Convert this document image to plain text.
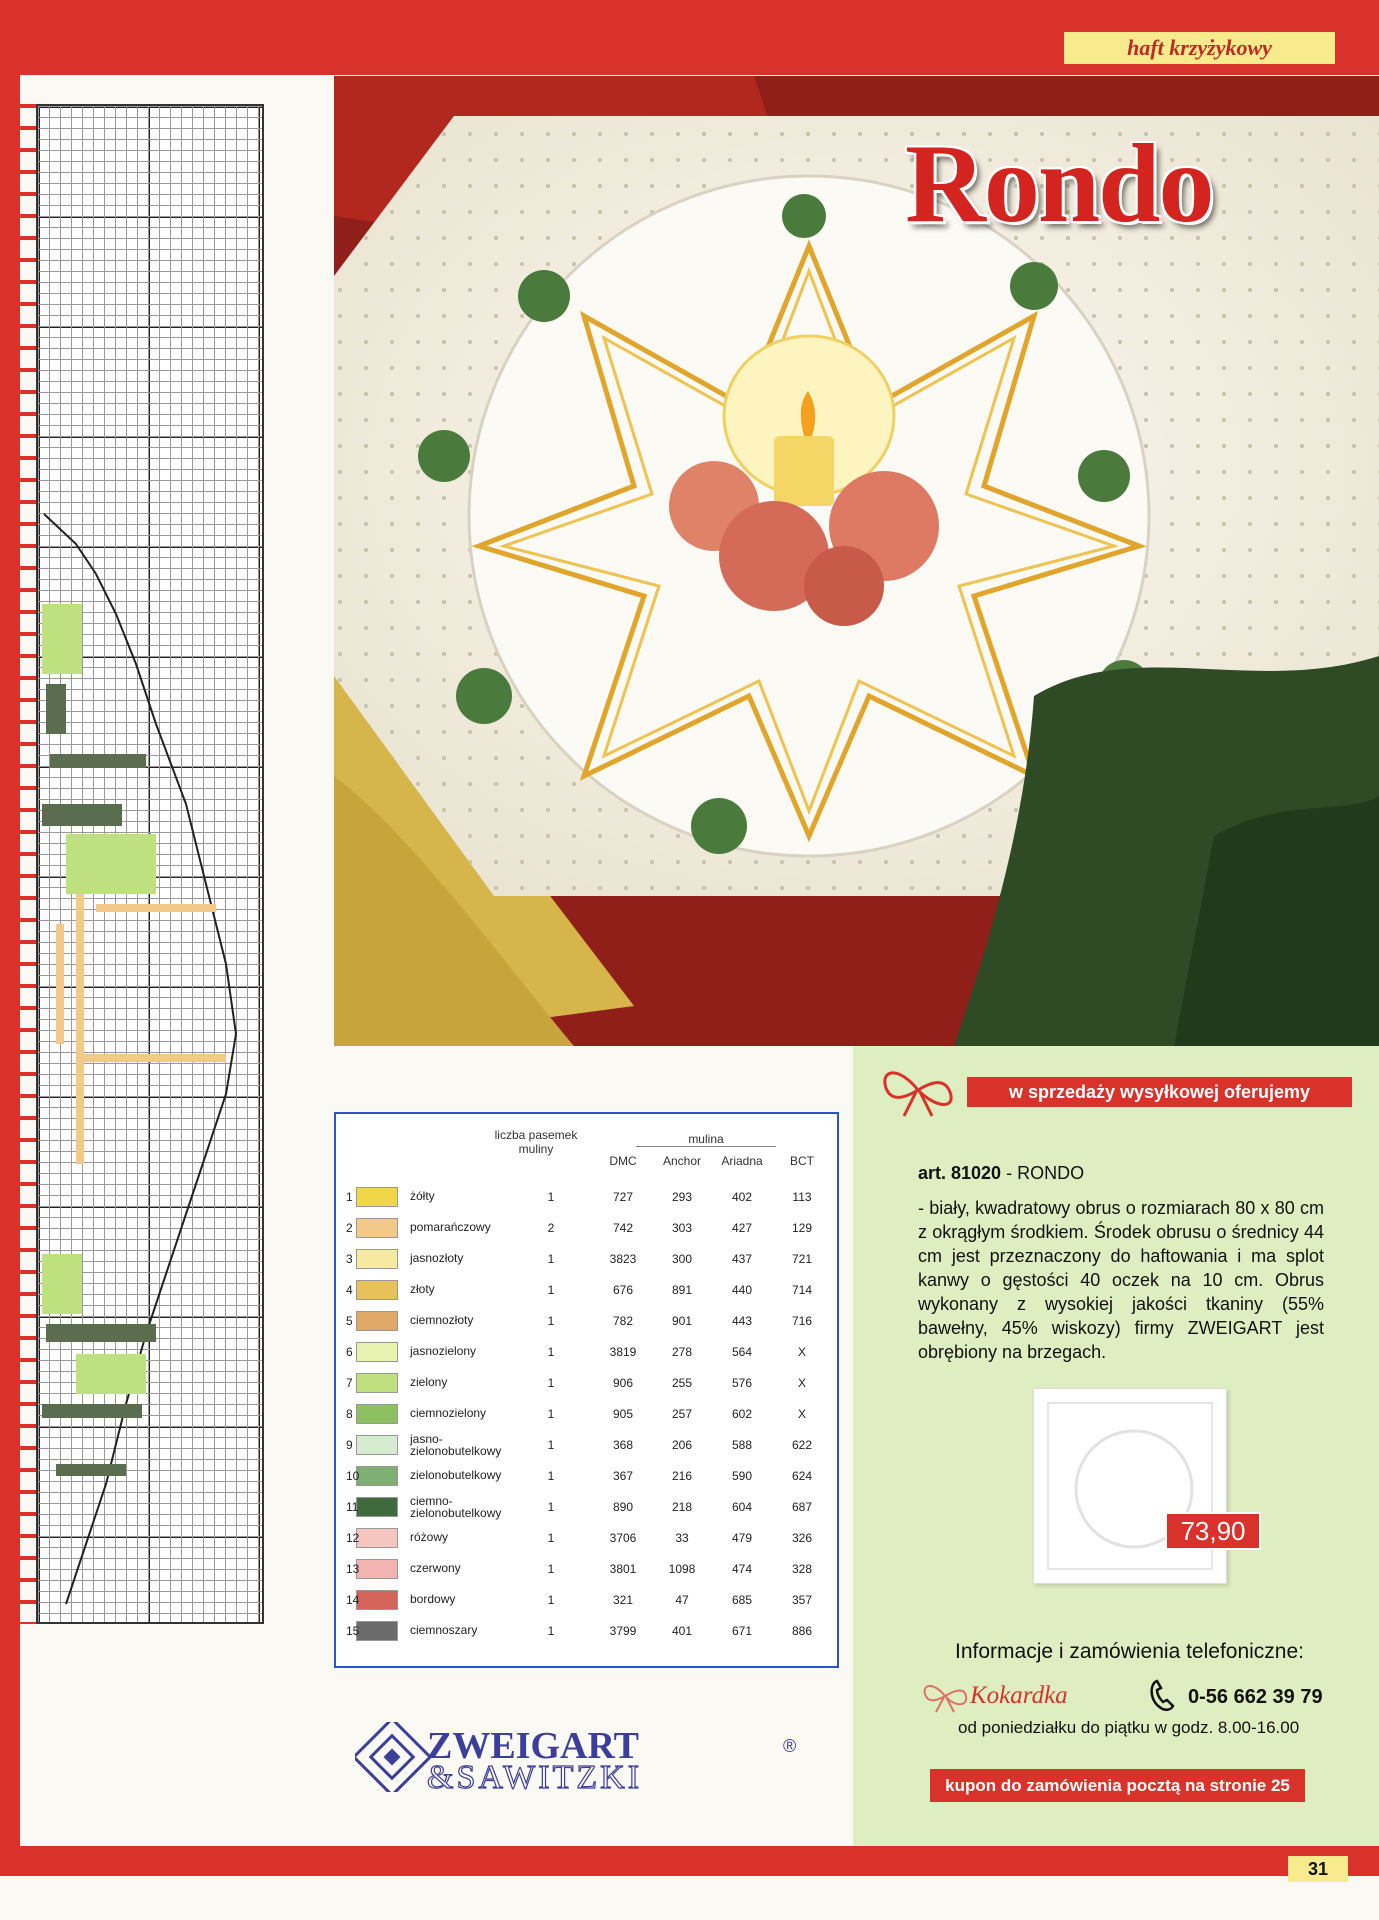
haft krzyżykowy
Rondo
liczba pasemek muliny
mulina
DMC	Anchor	Ariadna	BCT
1	żółty	1	727	293	402	113
2	pomarańczowy	2	742	303	427	129
3	jasnozłoty	1	3823	300	437	721
4	złoty	1	676	891	440	714
5	ciemnozłoty	1	782	901	443	716
6	jasnozielony	1	3819	278	564	X
7	zielony	1	906	255	576	X
8	ciemnozielony	1	905	257	602	X
9	jasno-zielonobutelkowy	1	368	206	588	622
10	zielonobutelkowy	1	367	216	590	624
11	ciemno-zielonobutelkowy	1	890	218	604	687
12	różowy	1	3706	33	479	326
13	czerwony	1	3801	1098	474	328
14	bordowy	1	321	47	685	357
15	ciemnoszary	1	3799	401	671	886
w sprzedaży wysyłkowej oferujemy
art. 81020 - RONDO
- biały, kwadratowy obrus o rozmiarach 80 x 80 cm z okrągłym środkiem. Środek obrusu o średnicy 44 cm jest przeznaczony do haftowania i ma splot kanwy o gęstości 40 oczek na 10 cm. Obrus wykonany z wysokiej jakości tkaniny (55% bawełny, 45% wiskozy) firmy ZWEIGART jest obrębiony na brzegach.
73,90
Informacje i zamówienia telefoniczne:
Kokardka	0-56 662 39 79
od poniedziałku do piątku w godz. 8.00-16.00
kupon do zamówienia pocztą na stronie 25
ZWEIGART
&SAWITZKI
®
31
